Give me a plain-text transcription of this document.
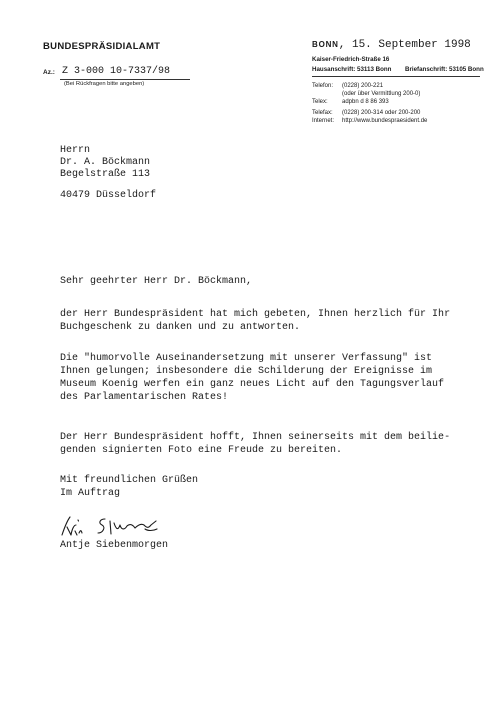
BUNDESPRÄSIDIALAMT
Az.: Z 3-000 10-7337/98
(Bei Rückfragen bitte angeben)
BONN, 15. September 1998
Kaiser-Friedrich-Straße 16
Hausanschrift: 53113 Bonn Briefanschrift: 53105 Bonn
Telefon: (0228) 200-221
(oder über Vermittlung 200-0)
Telex: adpbn d 8 86 393
Telefax: (0228) 200-314 oder 200-200
Internet: http://www.bundespraesident.de
Herrn
Dr. A. Böckmann
Begelstraße 113
40479 Düsseldorf
Sehr geehrter Herr Dr. Böckmann,
der Herr Bundespräsident hat mich gebeten, Ihnen herzlich für Ihr
Buchgeschenk zu danken und zu antworten.
Die "humorvolle Auseinandersetzung mit unserer Verfassung" ist
Ihnen gelungen; insbesondere die Schilderung der Ereignisse im
Museum Koenig werfen ein ganz neues Licht auf den Tagungsverlauf
des Parlamentarischen Rates!
Der Herr Bundespräsident hofft, Ihnen seinerseits mit dem beilie-
genden signierten Foto eine Freude zu bereiten.
Mit freundlichen Grüßen
Im Auftrag
Antje Siebenmorgen
